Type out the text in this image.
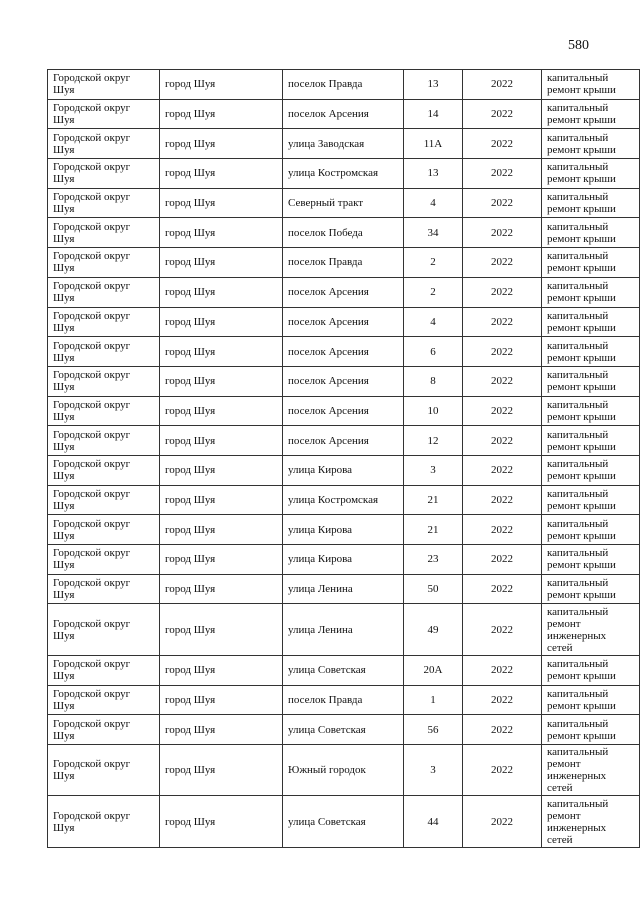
580
Городской округ Шуя	город Шуя	поселок Правда	13	2022	капитальный ремонт крыши
Городской округ Шуя	город Шуя	поселок Арсения	14	2022	капитальный ремонт крыши
Городской округ Шуя	город Шуя	улица Заводская	11А	2022	капитальный ремонт крыши
Городской округ Шуя	город Шуя	улица Костромская	13	2022	капитальный ремонт крыши
Городской округ Шуя	город Шуя	Северный тракт	4	2022	капитальный ремонт крыши
Городской округ Шуя	город Шуя	поселок Победа	34	2022	капитальный ремонт крыши
Городской округ Шуя	город Шуя	поселок Правда	2	2022	капитальный ремонт крыши
Городской округ Шуя	город Шуя	поселок Арсения	2	2022	капитальный ремонт крыши
Городской округ Шуя	город Шуя	поселок Арсения	4	2022	капитальный ремонт крыши
Городской округ Шуя	город Шуя	поселок Арсения	6	2022	капитальный ремонт крыши
Городской округ Шуя	город Шуя	поселок Арсения	8	2022	капитальный ремонт крыши
Городской округ Шуя	город Шуя	поселок Арсения	10	2022	капитальный ремонт крыши
Городской округ Шуя	город Шуя	поселок Арсения	12	2022	капитальный ремонт крыши
Городской округ Шуя	город Шуя	улица Кирова	3	2022	капитальный ремонт крыши
Городской округ Шуя	город Шуя	улица Костромская	21	2022	капитальный ремонт крыши
Городской округ Шуя	город Шуя	улица Кирова	21	2022	капитальный ремонт крыши
Городской округ Шуя	город Шуя	улица Кирова	23	2022	капитальный ремонт крыши
Городской округ Шуя	город Шуя	улица Ленина	50	2022	капитальный ремонт крыши
Городской округ Шуя	город Шуя	улица Ленина	49	2022	капитальный ремонт инженерных сетей
Городской округ Шуя	город Шуя	улица Советская	20А	2022	капитальный ремонт крыши
Городской округ Шуя	город Шуя	поселок Правда	1	2022	капитальный ремонт крыши
Городской округ Шуя	город Шуя	улица Советская	56	2022	капитальный ремонт крыши
Городской округ Шуя	город Шуя	Южный городок	3	2022	капитальный ремонт инженерных сетей
Городской округ Шуя	город Шуя	улица Советская	44	2022	капитальный ремонт инженерных сетей
